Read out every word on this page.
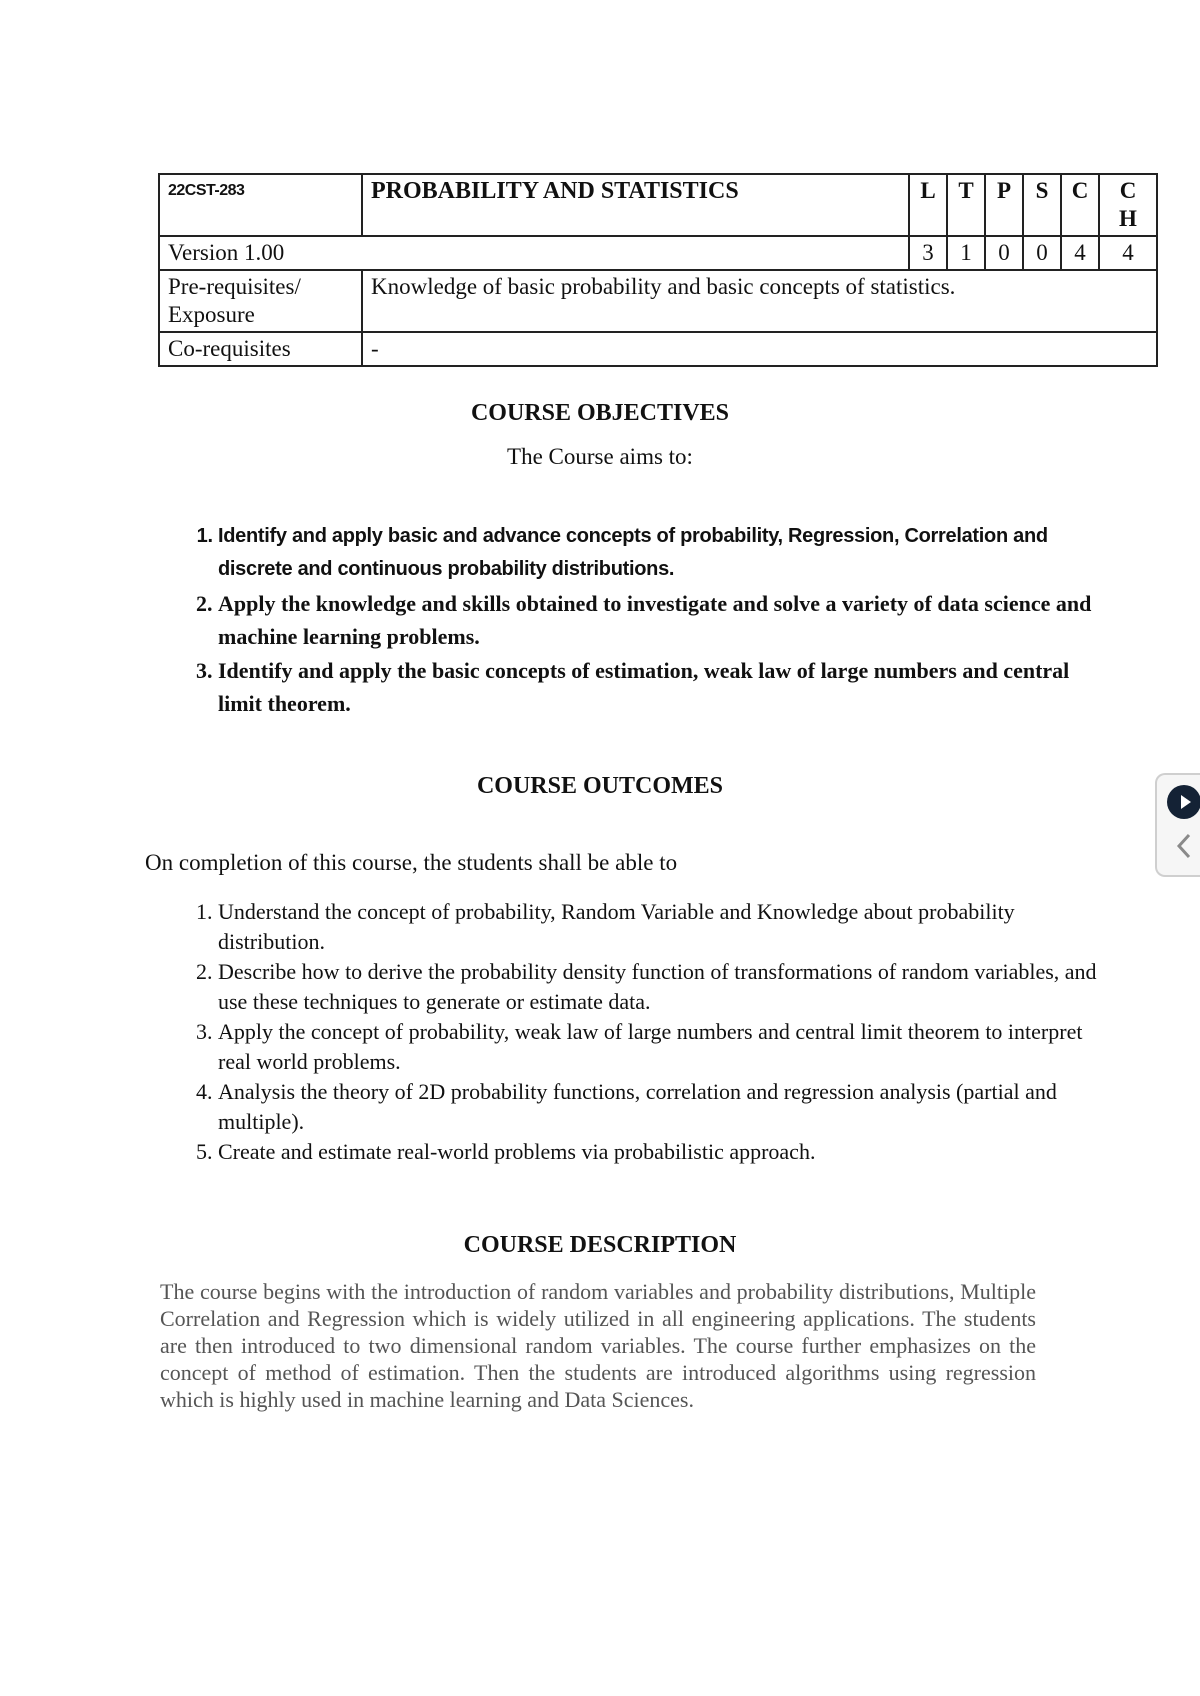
22CST-283	PROBABILITY AND STATISTICS	L	T	P	S	C	C
H
Version 1.00		3	1	0	0	4	4
Pre-requisites/ Exposure	Knowledge of basic probability and basic concepts of statistics.						
Co-requisites	-						
COURSE OBJECTIVES
The Course aims to:
1. Identify and apply basic and advance concepts of probability, Regression, Correlation and discrete and continuous probability distributions.
2. Apply the knowledge and skills obtained to investigate and solve a variety of data science and machine learning problems.
3. Identify and apply the basic concepts of estimation, weak law of large numbers and central limit theorem.
COURSE OUTCOMES
On completion of this course, the students shall be able to
1. Understand the concept of probability, Random Variable and Knowledge about probability distribution.
2. Describe how to derive the probability density function of transformations of random variables, and use these techniques to generate or estimate data.
3. Apply the concept of probability, weak law of large numbers and central limit theorem to interpret real world problems.
4. Analysis the theory of 2D probability functions, correlation and regression analysis (partial and multiple).
5. Create and estimate real-world problems via probabilistic approach.
COURSE DESCRIPTION
The course begins with the introduction of random variables and probability distributions, Multiple Correlation and Regression which is widely utilized in all engineering applications. The students are then introduced to two dimensional random variables. The course further emphasizes on the concept of method of estimation. Then the students are introduced algorithms using regression which is highly used in machine learning and Data Sciences.
